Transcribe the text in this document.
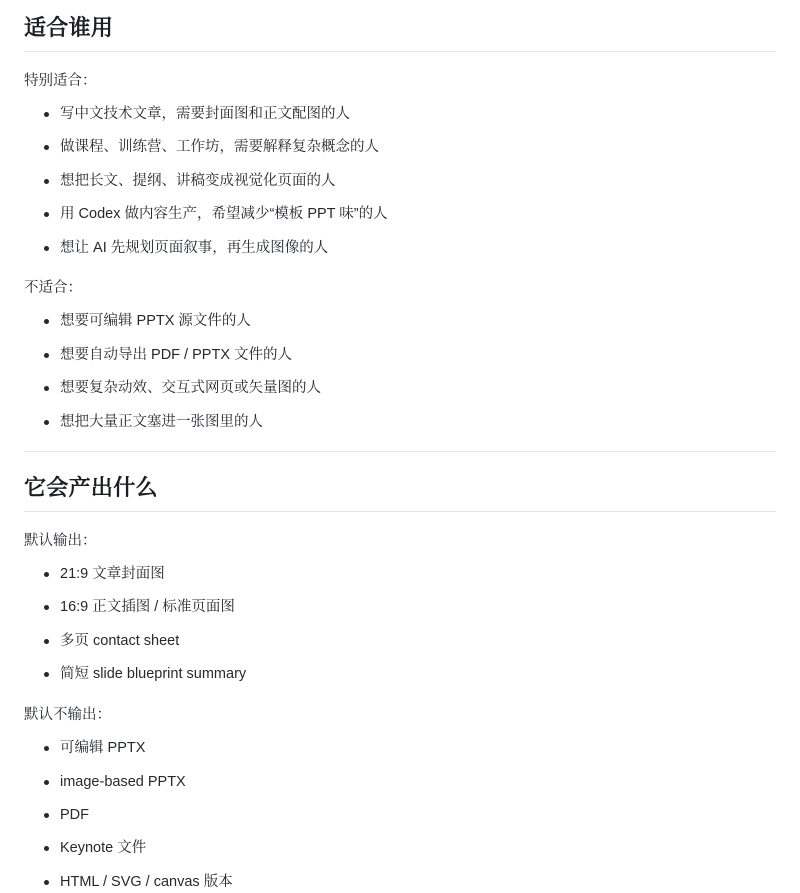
适合谁用

特别适合：

写中文技术文章，需要封面图和正文配图的人
做课程、训练营、工作坊，需要解释复杂概念的人
想把长文、提纲、讲稿变成视觉化页面的人
用 Codex 做内容生产，希望减少“模板 PPT 味”的人
想让 AI 先规划页面叙事，再生成图像的人

不适合：

想要可编辑 PPTX 源文件的人
想要自动导出 PDF / PPTX 文件的人
想要复杂动效、交互式网页或矢量图的人
想把大量正文塞进一张图里的人
它会产出什么

默认输出：

21:9 文章封面图
16:9 正文插图 / 标准页面图
多页 contact sheet
简短 slide blueprint summary

默认不输出：

可编辑 PPTX
image-based PPTX
PDF
Keynote 文件
HTML / SVG / canvas 版本
